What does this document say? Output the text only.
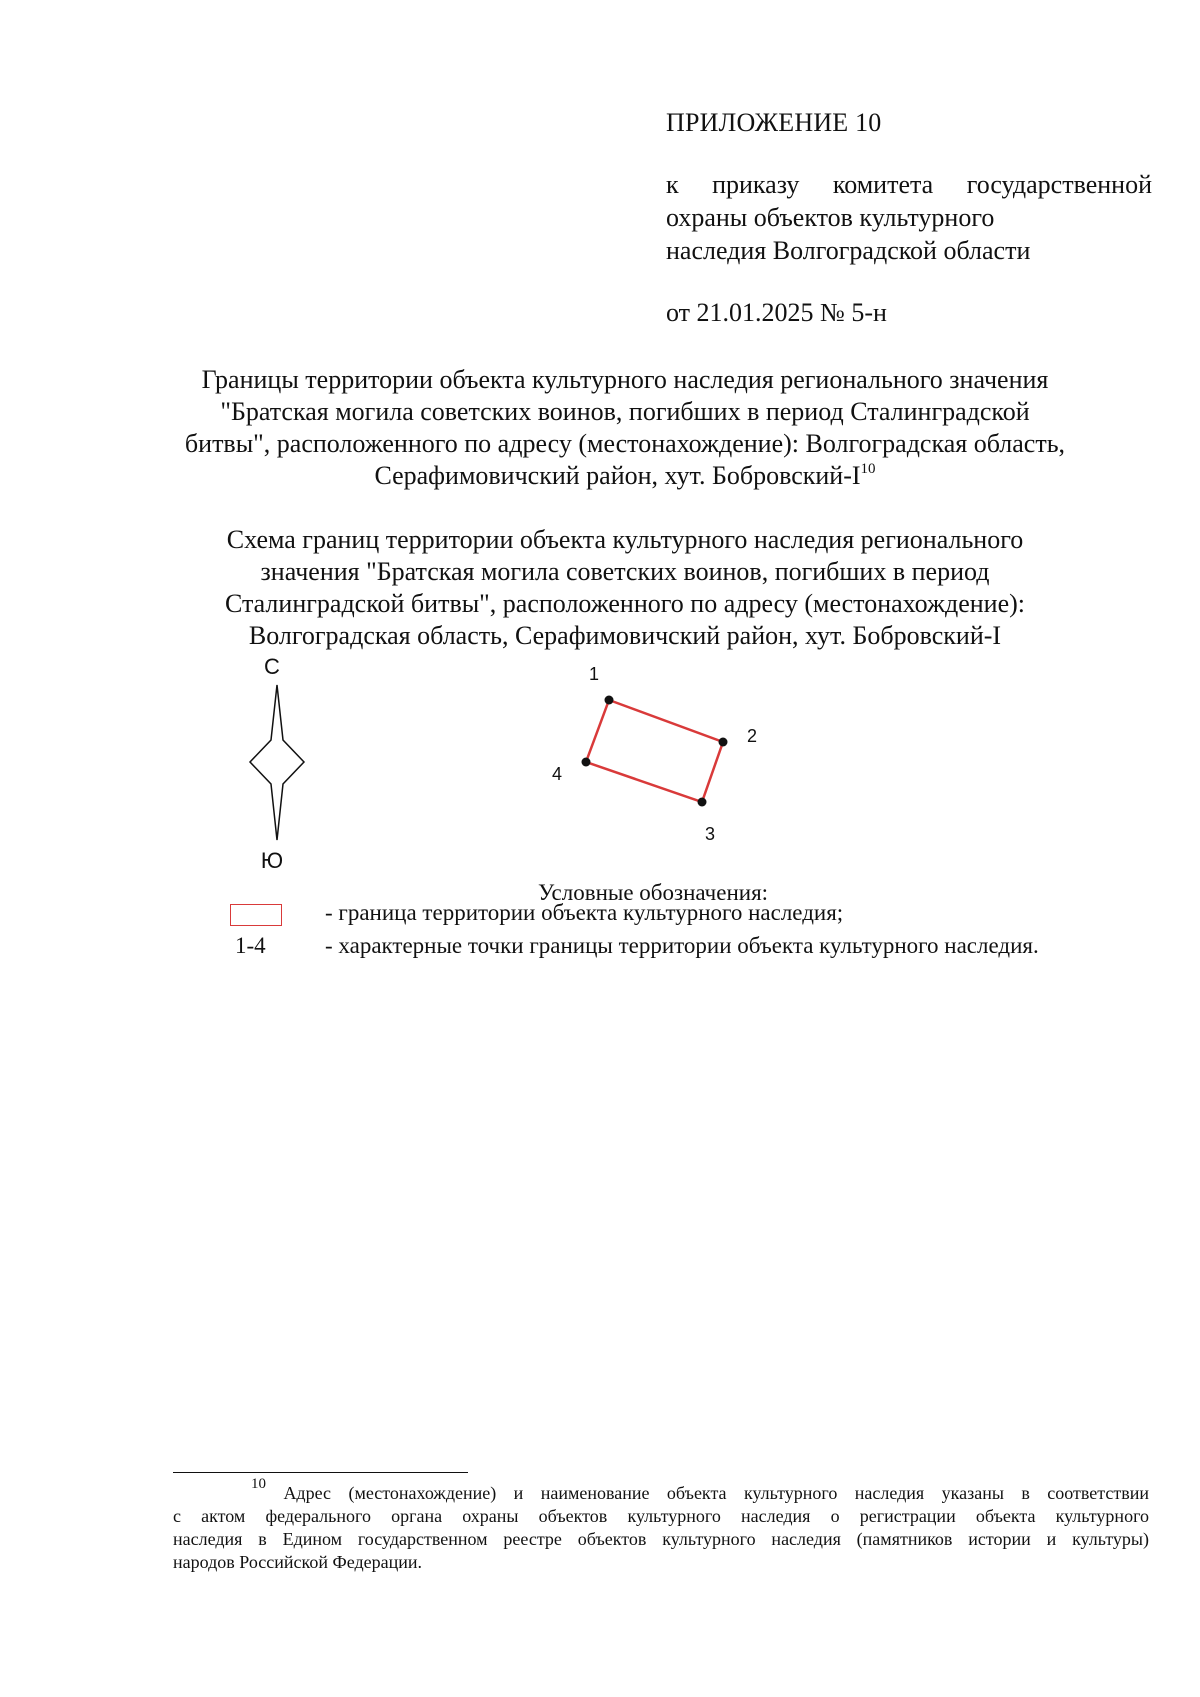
ПРИЛОЖЕНИЕ 10
к приказу комитета государственной
охраны объектов культурного
наследия Волгоградской области
от 21.01.2025 № 5-н
Границы территории объекта культурного наследия регионального значения
"Братская могила советских воинов, погибших в период Сталинградской
битвы", расположенного по адресу (местонахождение): Волгоградская область,
Серафимовичский район, хут. Бобровский-$I^{10}$
Схема границ территории объекта культурного наследия регионального
значения "Братская могила советских воинов, погибших в период
Сталинградской битвы", расположенного по адресу (местонахождение):
Волгоградская область, Серафимовичский район, хут. Бобровский-I
С
Ю
1
2
3
4
Условные обозначения:
- граница территории объекта культурного наследия;
1-4	- характерные точки границы территории объекта культурного наследия.
$^{10}$ Адрес (местонахождение) и наименование объекта культурного наследия указаны в соответствии
с актом федерального органа охраны объектов культурного наследия о регистрации объекта культурного
наследия в Едином государственном реестре объектов культурного наследия (памятников истории и культуры)
народов Российской Федерации.
